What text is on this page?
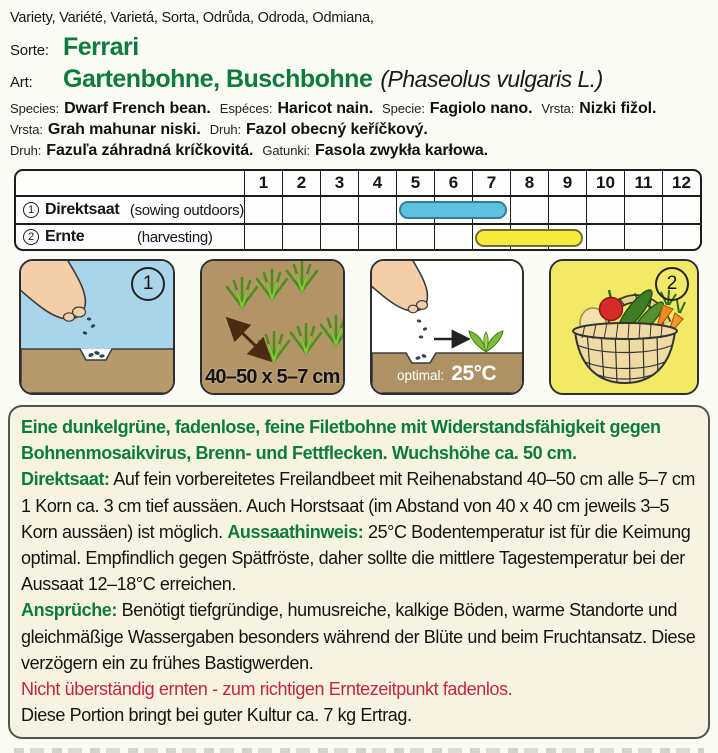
Variety, Variété, Varietá, Sorta, Odrůda, Odroda, Odmiana,
Sorte: Ferrari
Art:	Gartenbohne, Buschbohne (Phaseolus vulgaris L.)
Species: Dwarf French bean. Espéces: Haricot nain. Specie: Fagiolo nano. Vrsta: Nizki fižol.
Vrsta: Grah mahunar niski. Druh: Fazol obecný keříčkový.
Druh: Fazuľa záhradná kríčkovitá. Gatunki: Fasola zwykła karłowa.
1	2	3	4	5	6	7	8	9	10	11	12
1 Direktsaat (sowing outdoors)
2 Ernte	(harvesting)
1
40–50 x 5–7 cm	optimal: 25°C
2

Eine dunkelgrüne, fadenlose, feine Filetbohne mit Widerstandsfähigkeit gegen Bohnenmosaikvirus, Brenn- und Fettflecken. Wuchshöhe ca. 50 cm.

Direktsaat: Auf fein vorbereitetes Freilandbeet mit Reihenabstand 40–50 cm alle 5–7 cm 1 Korn ca. 3 cm tief aussäen. Auch Horstsaat (im Abstand von 40 x 40 cm jeweils 3–5 Korn aussäen) ist möglich. Aussaathinweis: 25°C Bodentemperatur ist für die Keimung optimal. Empfindlich gegen Spätfröste, daher sollte die mittlere Tagestemperatur bei der Aussaat 12–18°C erreichen.

Ansprüche: Benötigt tiefgründige, humusreiche, kalkige Böden, warme Standorte und gleichmäßige Wassergaben besonders während der Blüte und beim Fruchtansatz. Diese verzögern ein zu frühes Bastigwerden.

Nicht überständig ernten - zum richtigen Erntezeitpunkt fadenlos.

Diese Portion bringt bei guter Kultur ca. 7 kg Ertrag.
